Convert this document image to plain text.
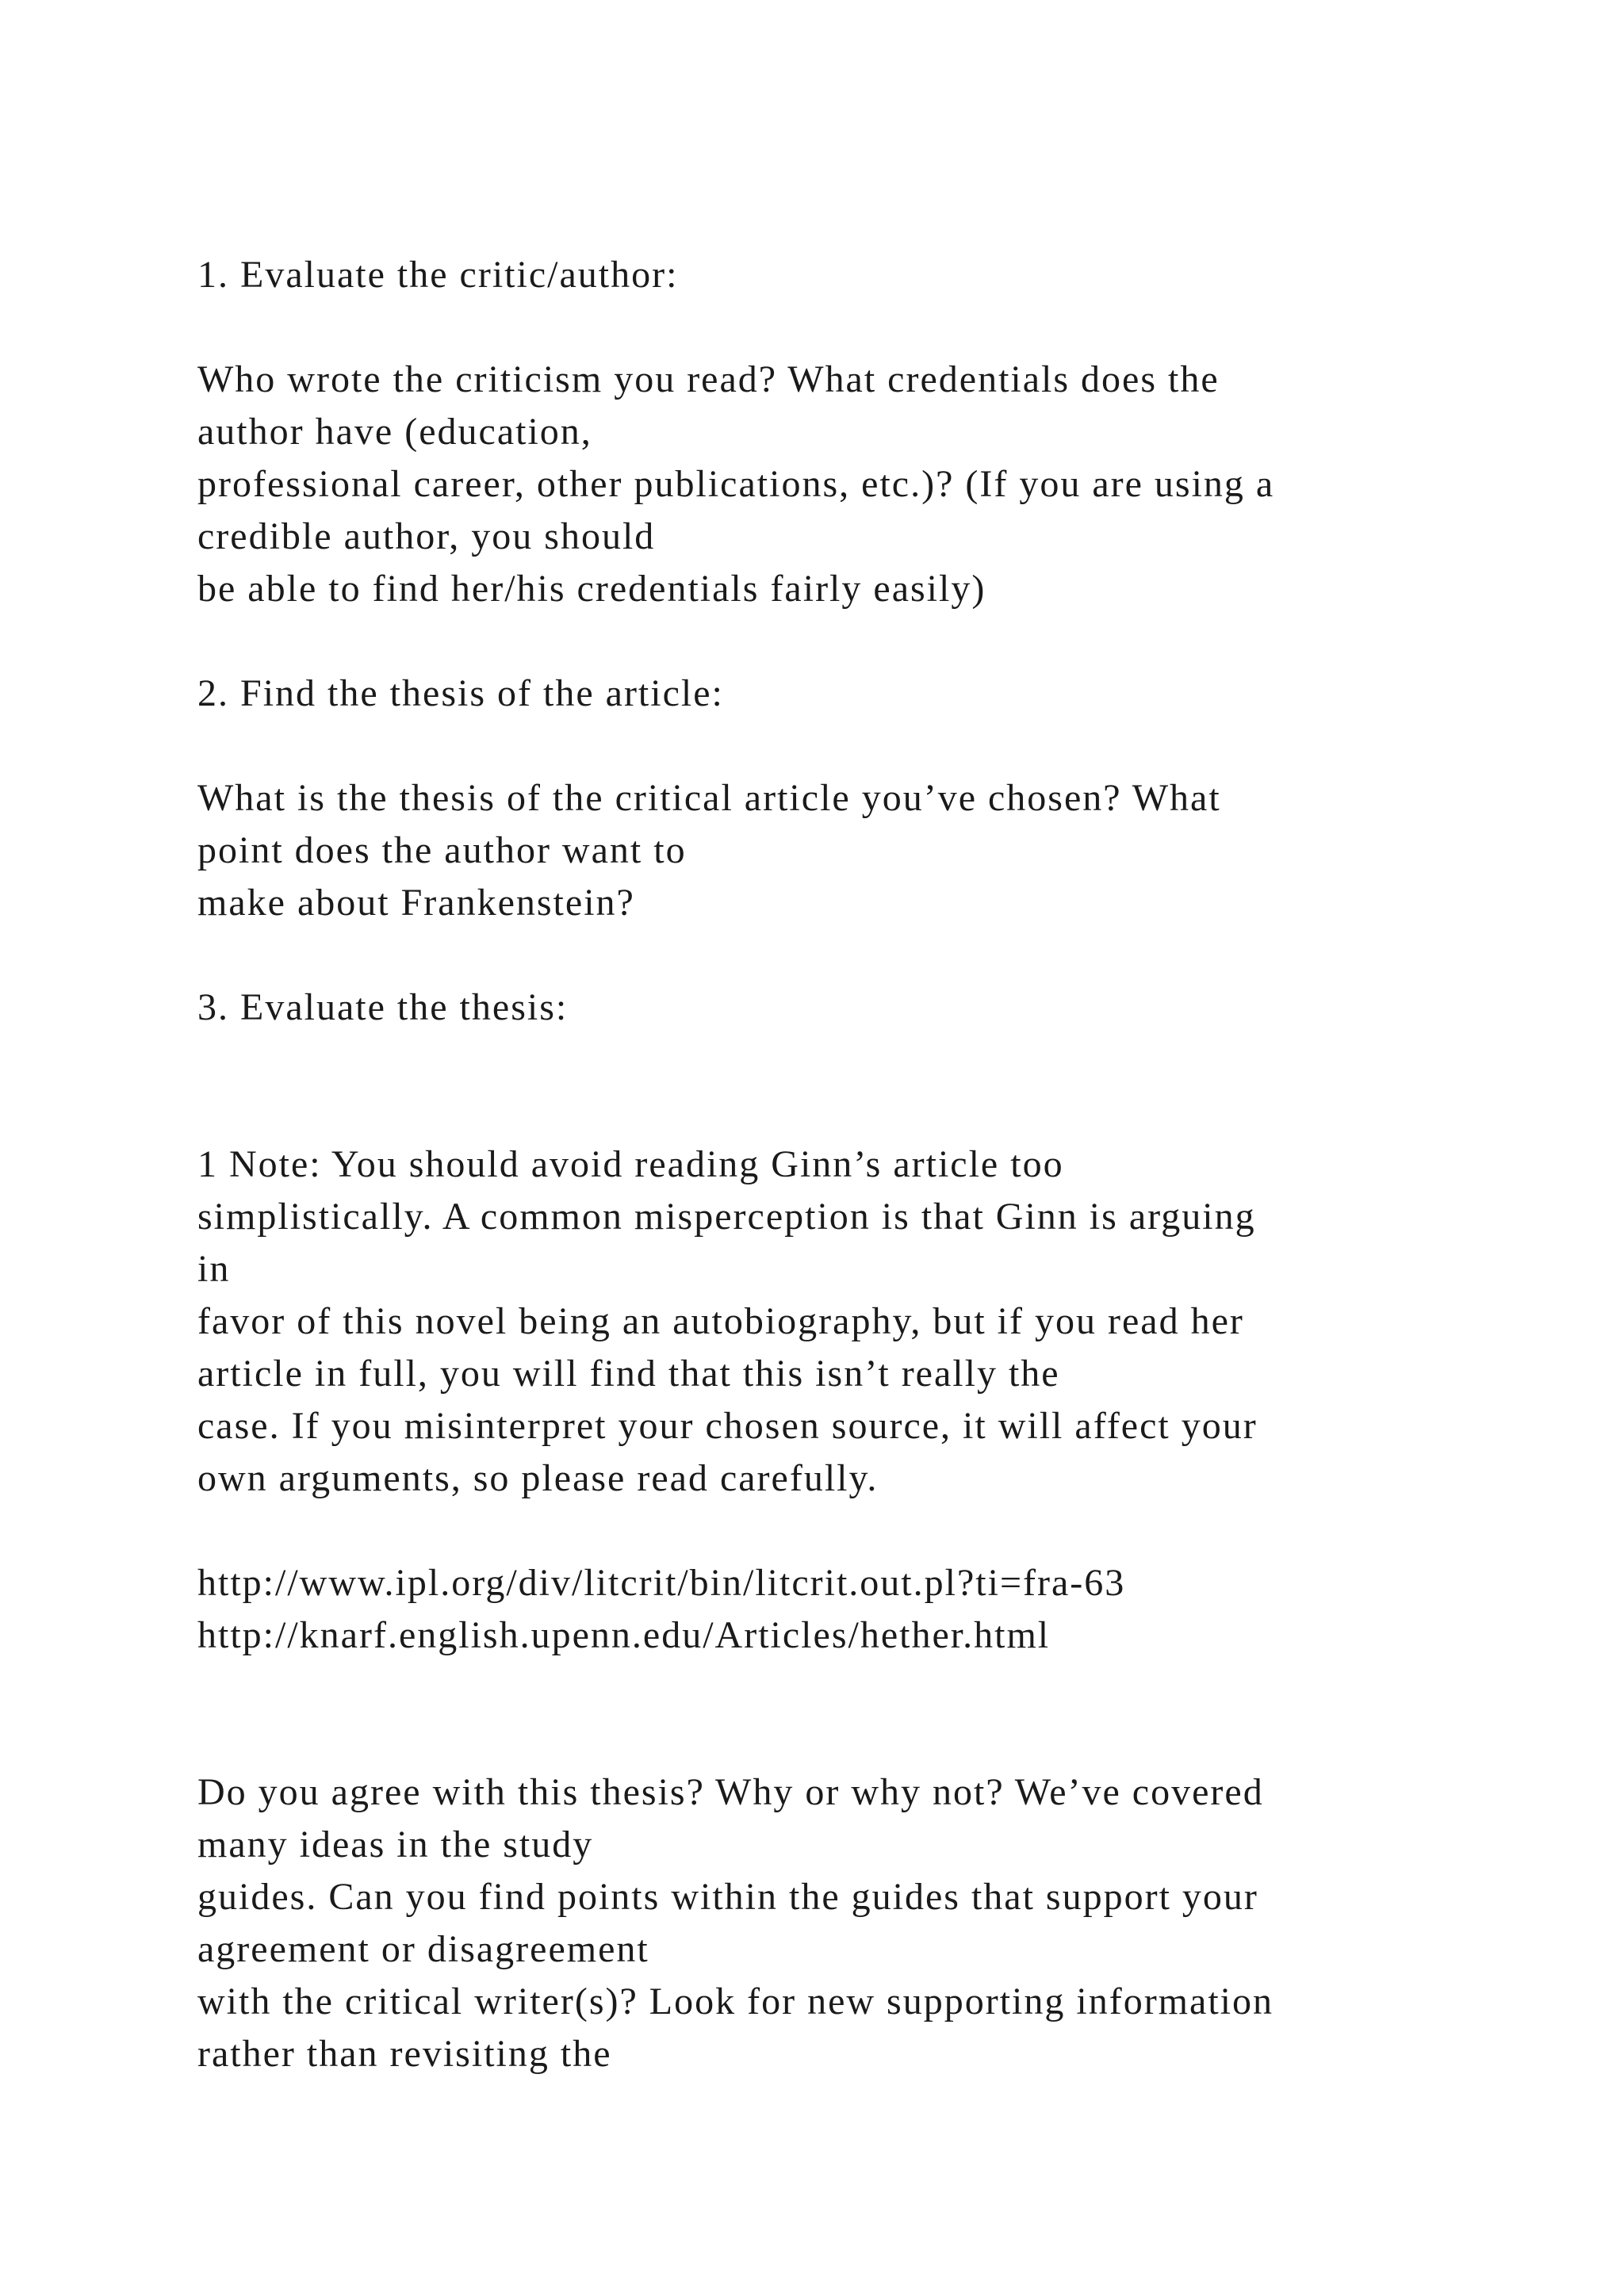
1. Evaluate the critic/author:

Who wrote the criticism you read? What credentials does the

author have (education,

professional career, other publications, etc.)? (If you are using a

credible author, you should

be able to find her/his credentials fairly easily)

2. Find the thesis of the article:

What is the thesis of the critical article you’ve chosen? What

point does the author want to

make about Frankenstein?

3. Evaluate the thesis:

1 Note: You should avoid reading Ginn’s article too

simplistically. A common misperception is that Ginn is arguing

in

favor of this novel being an autobiography, but if you read her

article in full, you will find that this isn’t really the

case. If you misinterpret your chosen source, it will affect your

own arguments, so please read carefully.

http://www.ipl.org/div/litcrit/bin/litcrit.out.pl?ti=fra-63

http://knarf.english.upenn.edu/Articles/hether.html

Do you agree with this thesis? Why or why not? We’ve covered

many ideas in the study

guides. Can you find points within the guides that support your

agreement or disagreement

with the critical writer(s)? Look for new supporting information

rather than revisiting the
